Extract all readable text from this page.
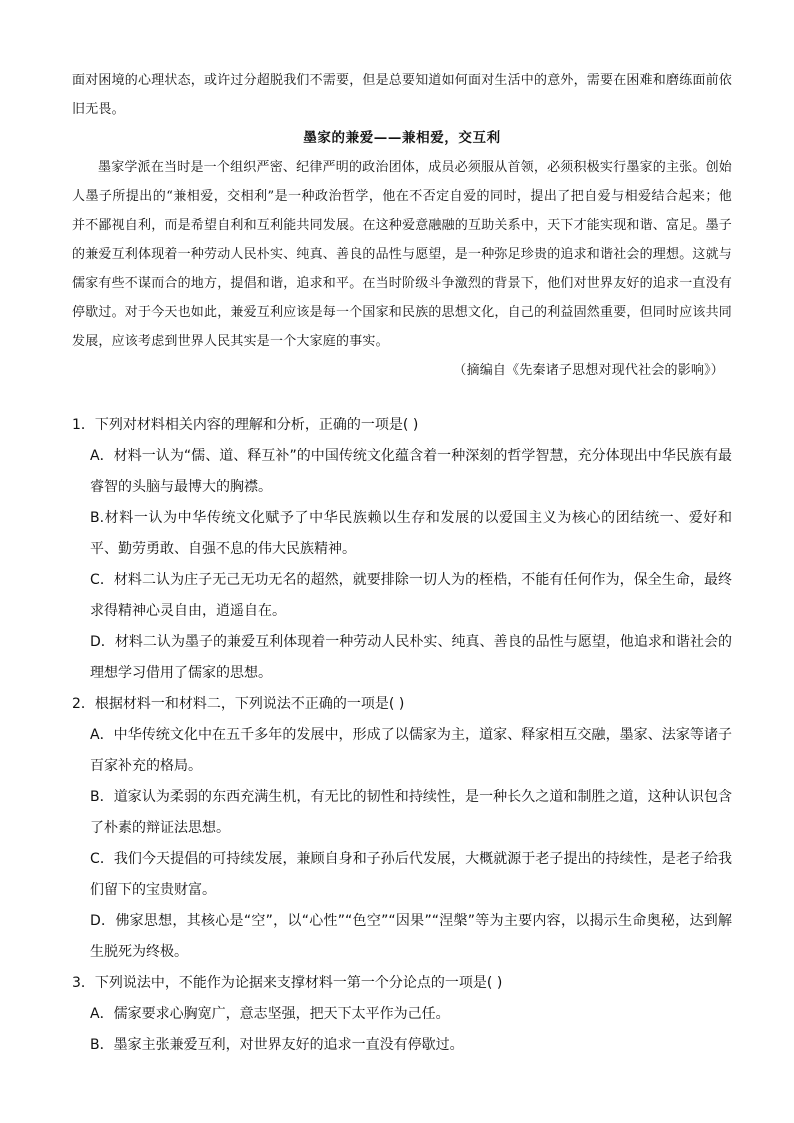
面对困境的心理状态，或许过分超脱我们不需要，但是总要知道如何面对生活中的意外，需要在困难和磨练面前依旧无畏。

墨家的兼爱——兼相爱，交互利

墨家学派在当时是一个组织严密、纪律严明的政治团体，成员必须服从首领，必须积极实行墨家的主张。创始人墨子所提出的“兼相爱，交相利”是一种政治哲学，他在不否定自爱的同时，提出了把自爱与相爱结合起来；他并不鄙视自利，而是希望自利和互利能共同发展。在这种爱意融融的互助关系中，天下才能实现和谐、富足。墨子的兼爱互利体现着一种劳动人民朴实、纯真、善良的品性与愿望，是一种弥足珍贵的追求和谐社会的理想。这就与儒家有些不谋而合的地方，提倡和谐，追求和平。在当时阶级斗争激烈的背景下，他们对世界友好的追求一直没有停歇过。对于今天也如此，兼爱互利应该是每一个国家和民族的思想文化，自己的利益固然重要，但同时应该共同发展，应该考虑到世界人民其实是一个大家庭的事实。

（摘编自《先秦诸子思想对现代社会的影响》）

1．下列对材料相关内容的理解和分析，正确的一项是( )

A．材料一认为“儒、道、释互补”的中国传统文化蕴含着一种深刻的哲学智慧，充分体现出中华民族有最睿智的头脑与最博大的胸襟。

B.材料一认为中华传统文化赋予了中华民族赖以生存和发展的以爱国主义为核心的团结统一、爱好和平、勤劳勇敢、自强不息的伟大民族精神。

C．材料二认为庄子无己无功无名的超然，就要排除一切人为的桎梏，不能有任何作为，保全生命，最终求得精神心灵自由，逍遥自在。

D．材料二认为墨子的兼爱互利体现着一种劳动人民朴实、纯真、善良的品性与愿望，他追求和谐社会的理想学习借用了儒家的思想。

2．根据材料一和材料二，下列说法不正确的一项是( )

A．中华传统文化中在五千多年的发展中，形成了以儒家为主，道家、释家相互交融，墨家、法家等诸子百家补充的格局。

B．道家认为柔弱的东西充满生机，有无比的韧性和持续性，是一种长久之道和制胜之道，这种认识包含了朴素的辩证法思想。

C．我们今天提倡的可持续发展，兼顾自身和子孙后代发展，大概就源于老子提出的持续性，是老子给我们留下的宝贵财富。

D．佛家思想，其核心是“空”，以“心性”“色空”“因果”“涅槃”等为主要内容，以揭示生命奥秘，达到解生脱死为终极。

3．下列说法中，不能作为论据来支撑材料一第一个分论点的一项是( )

A．儒家要求心胸宽广，意志坚强，把天下太平作为己任。

B．墨家主张兼爱互利，对世界友好的追求一直没有停歇过。
